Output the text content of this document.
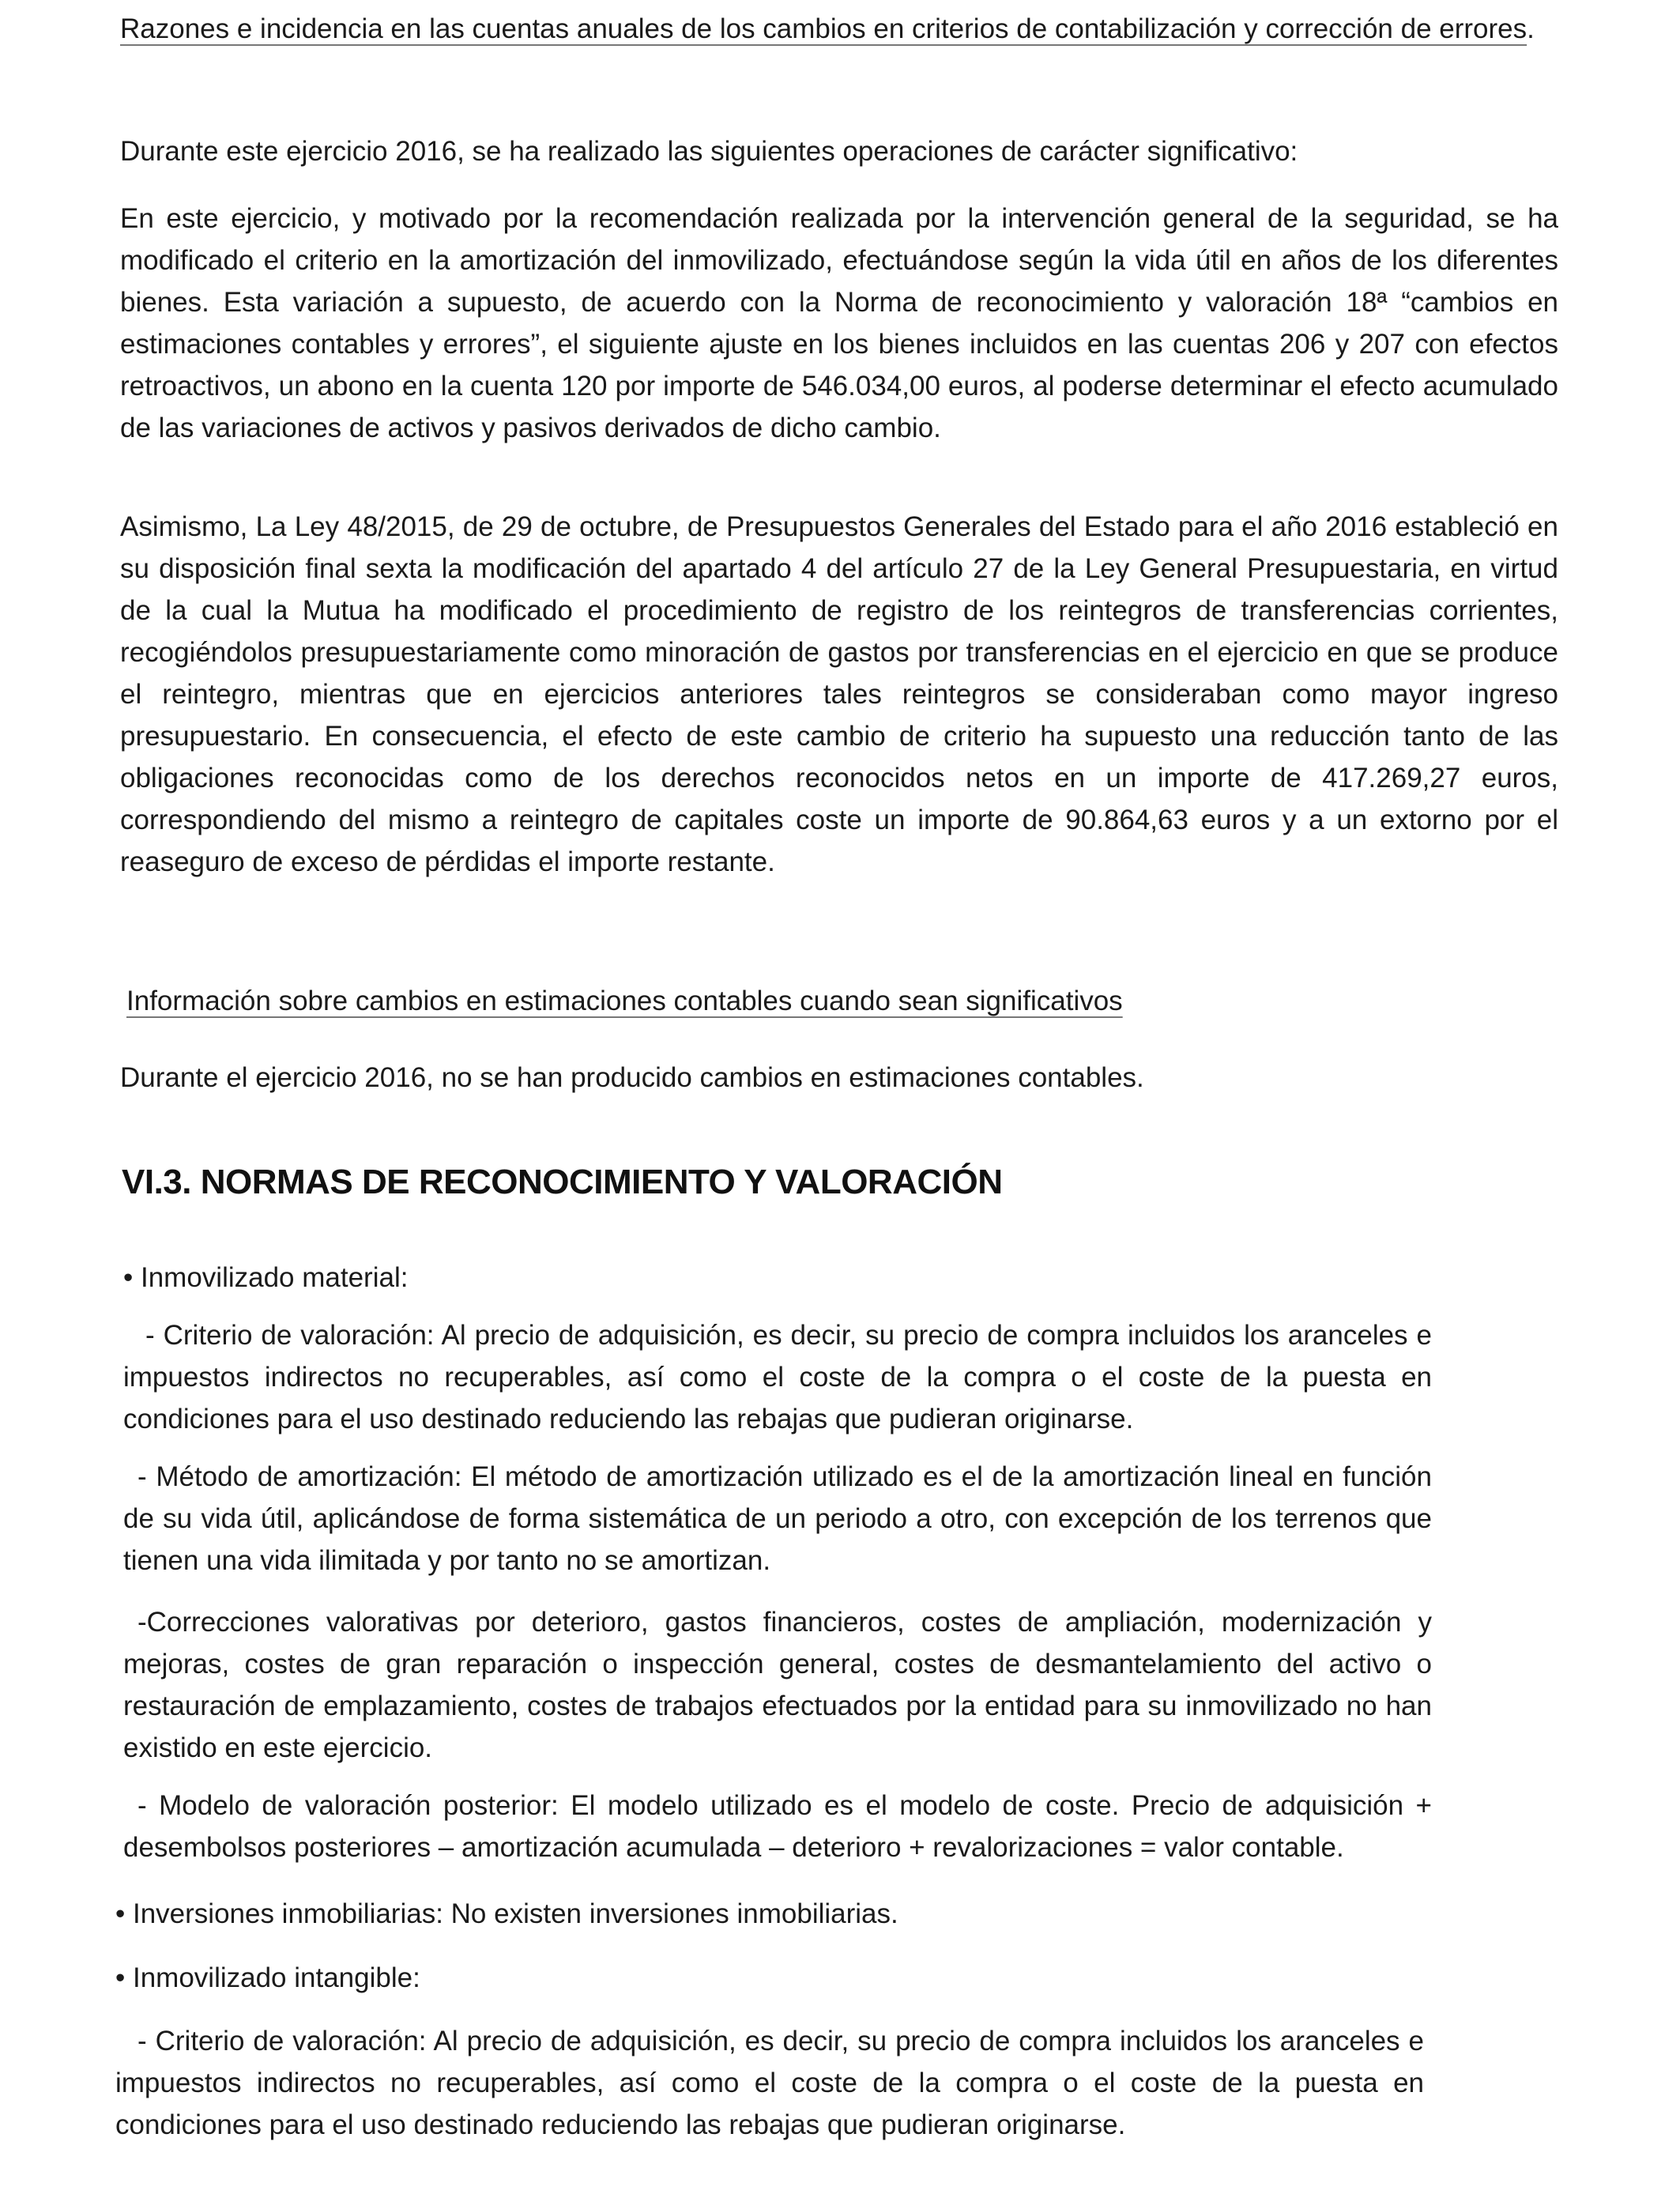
Razones e incidencia en las cuentas anuales de los cambios en criterios de contabilización y corrección de errores.

Durante este ejercicio 2016, se ha realizado las siguientes operaciones de carácter significativo:

En este ejercicio, y motivado por la recomendación realizada por la intervención general de la seguridad, se ha modificado el criterio en la amortización del inmovilizado, efectuándose según la vida útil en años de los diferentes bienes. Esta variación a supuesto, de acuerdo con la Norma de reconocimiento y valoración 18ª “cambios en estimaciones contables y errores”, el siguiente ajuste en los bienes incluidos en las cuentas 206 y 207 con efectos retroactivos, un abono en la cuenta 120 por importe de 546.034,00 euros, al poderse determinar el efecto acumulado de las variaciones de activos y pasivos derivados de dicho cambio.

Asimismo, La Ley 48/2015, de 29 de octubre, de Presupuestos Generales del Estado para el año 2016 estableció en su disposición final sexta la modificación del apartado 4 del artículo 27 de la Ley General Presupuestaria, en virtud de la cual la Mutua ha modificado el procedimiento de registro de los reintegros de transferencias corrientes, recogiéndolos presupuestariamente como minoración de gastos por transferencias en el ejercicio en que se produce el reintegro, mientras que en ejercicios anteriores tales reintegros se consideraban como mayor ingreso presupuestario. En consecuencia, el efecto de este cambio de criterio ha supuesto una reducción tanto de las obligaciones reconocidas como de los derechos reconocidos netos en un importe de 417.269,27 euros, correspondiendo del mismo a reintegro de capitales coste un importe de 90.864,63 euros y a un extorno por el reaseguro de exceso de pérdidas el importe restante.

Información sobre cambios en estimaciones contables cuando sean significativos

Durante el ejercicio 2016, no se han producido cambios en estimaciones contables.

VI.3. NORMAS DE RECONOCIMIENTO Y VALORACIÓN

• Inmovilizado material:

- Criterio de valoración: Al precio de adquisición, es decir, su precio de compra incluidos los aranceles e impuestos indirectos no recuperables, así como el coste de la compra o el coste de la puesta en condiciones para el uso destinado reduciendo las rebajas que pudieran originarse.

- Método de amortización: El método de amortización utilizado es el de la amortización lineal en función de su vida útil, aplicándose de forma sistemática de un periodo a otro, con excepción de los terrenos que tienen una vida ilimitada y por tanto no se amortizan.

-Correcciones valorativas por deterioro, gastos financieros, costes de ampliación, modernización y mejoras, costes de gran reparación o inspección general, costes de desmantelamiento del activo o restauración de emplazamiento, costes de trabajos efectuados por la entidad para su inmovilizado no han existido en este ejercicio.

- Modelo de valoración posterior: El modelo utilizado es el modelo de coste. Precio de adquisición + desembolsos posteriores – amortización acumulada – deterioro + revalorizaciones = valor contable.

• Inversiones inmobiliarias: No existen inversiones inmobiliarias.

• Inmovilizado intangible:

- Criterio de valoración: Al precio de adquisición, es decir, su precio de compra incluidos los aranceles e impuestos indirectos no recuperables, así como el coste de la compra o el coste de la puesta en condiciones para el uso destinado reduciendo las rebajas que pudieran originarse.
